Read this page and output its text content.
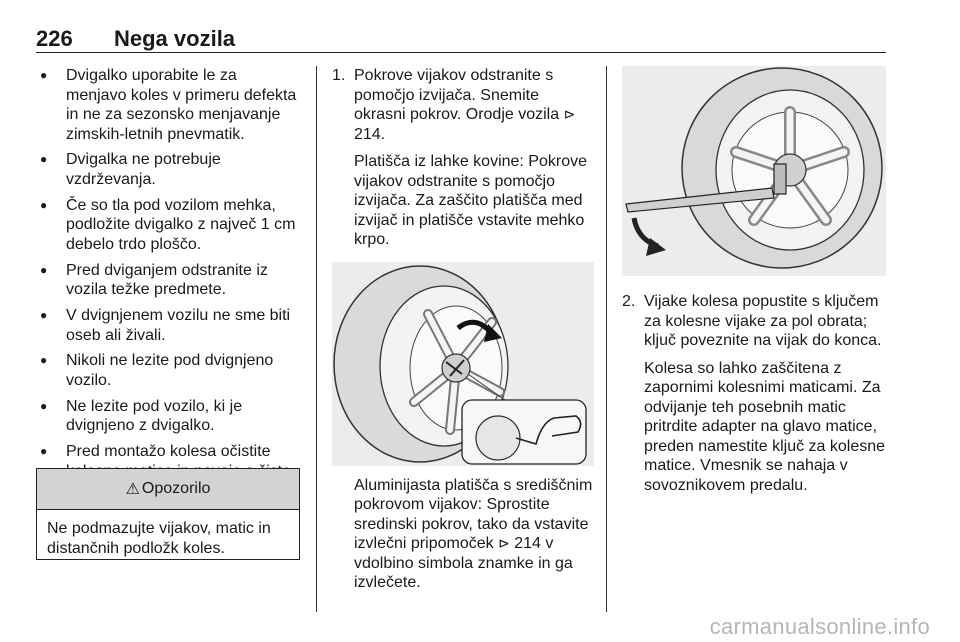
226 Nega vozila
● Dvigalko uporabite le za menjavo koles v primeru defekta in ne za sezonsko menjavanje zimskih-letnih pnevmatik.
● Dvigalka ne potrebuje vzdrževanja.
● Če so tla pod vozilom mehka, podložite dvigalko z največ 1 cm debelo trdo ploščo.
● Pred dviganjem odstranite iz vozila težke predmete.
● V dvignjenem vozilu ne sme biti oseb ali živali.
● Nikoli ne lezite pod dvignjeno vozilo.
● Ne lezite pod vozilo, ki je dvignjeno z dvigalko.
● Pred montažo kolesa očistite
⚠ Opozorilo
Ne podmazujte vijakov, matic in distančnih podložk koles.
1. Pokrove vijakov odstranite s pomočjo izvijača. Snemite okrasni pokrov. Orodje vozila ⊳ 214.
Platišča iz lahke kovine: Pokrove vijakov odstranite s pomočjo izvijača. Za zaščito platišča med izvijač in platišče vstavite mehko krpo.
Aluminijasta platišča s središčnim pokrovom vijakov: Sprostite sredinski pokrov, tako da vstavite izvlečni pripomoček ⊳ 214 v vdolbino simbola znamke in ga izvlečete.
2. Vijake kolesa popustite s ključem za kolesne vijake za pol obrata; ključ poveznite na vijak do konca.
Kolesa so lahko zaščitena z zapornimi kolesnimi maticami. Za odvijanje teh posebnih matic pritrdite adapter na glavo matice, preden namestite ključ za kolesne matice. Vmesnik se nahaja v sovoznikovem predalu.
carmanualsonline.info
